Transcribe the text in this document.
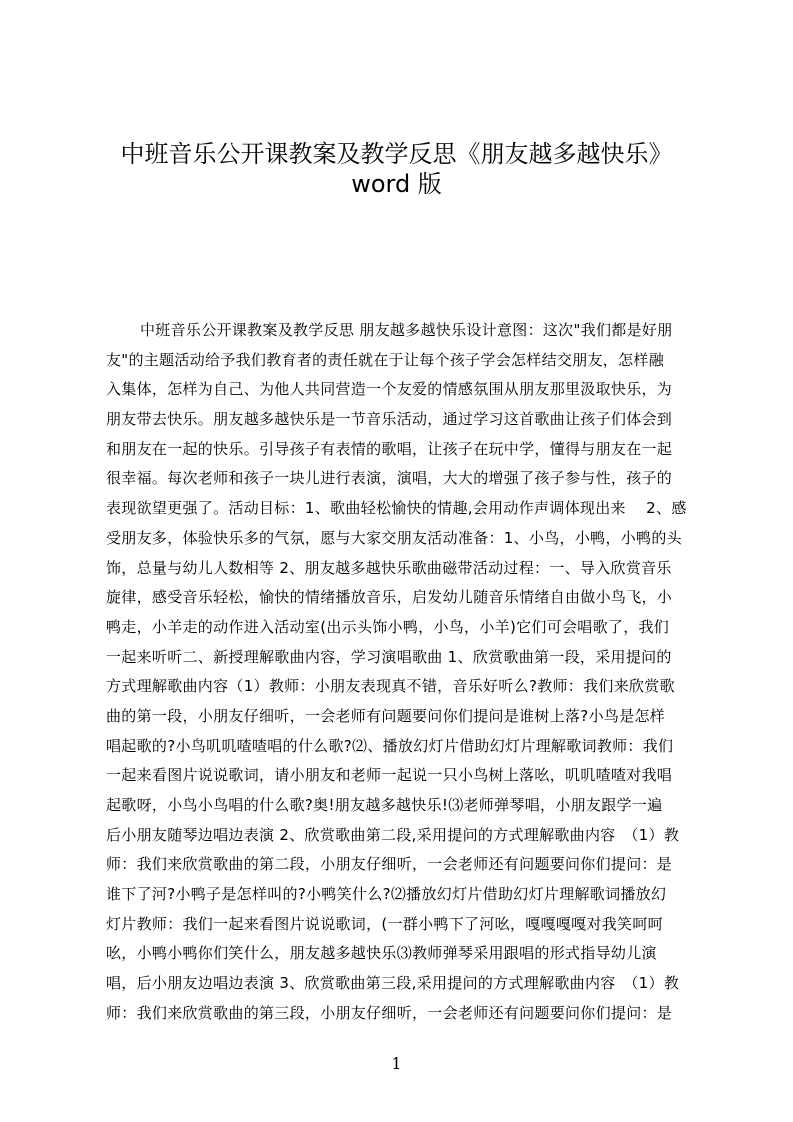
中班音乐公开课教案及教学反思《朋友越多越快乐》
word 版
中班音乐公开课教案及教学反思 朋友越多越快乐设计意图：这次"我们都是好朋
友"的主题活动给予我们教育者的责任就在于让每个孩子学会怎样结交朋友，怎样融
入集体，怎样为自己、为他人共同营造一个友爱的情感氛围从朋友那里汲取快乐，为
朋友带去快乐。朋友越多越快乐是一节音乐活动，通过学习这首歌曲让孩子们体会到
和朋友在一起的快乐。引导孩子有表情的歌唱，让孩子在玩中学，懂得与朋友在一起
很幸福。每次老师和孩子一块儿进行表演，演唱，大大的增强了孩子参与性，孩子的
表现欲望更强了。活动目标：1、歌曲轻松愉快的情趣,会用动作声调体现出来　 2、感
受朋友多，体验快乐多的气氛，愿与大家交朋友活动准备：1、小鸟，小鸭，小鸭的头
饰，总量与幼儿人数相等 2、朋友越多越快乐歌曲磁带活动过程：一、导入欣赏音乐
旋律，感受音乐轻松，愉快的情绪播放音乐，启发幼儿随音乐情绪自由做小鸟飞，小
鸭走，小羊走的动作进入活动室(出示头饰小鸭，小鸟，小羊)它们可会唱歌了，我们
一起来听听二、新授理解歌曲内容，学习演唱歌曲 1、欣赏歌曲第一段，采用提问的
方式理解歌曲内容（1）教师：小朋友表现真不错，音乐好听么?教师：我们来欣赏歌
曲的第一段，小朋友仔细听，一会老师有问题要问你们提问是谁树上落?小鸟是怎样
唱起歌的?小鸟叽叽喳喳唱的什么歌?⑵、播放幻灯片借助幻灯片理解歌词教师：我们
一起来看图片说说歌词，请小朋友和老师一起说一只小鸟树上落吆，叽叽喳喳对我唱
起歌呀，小鸟小鸟唱的什么歌?奥!朋友越多越快乐!⑶老师弹琴唱，小朋友跟学一遍
后小朋友随琴边唱边表演 2、欣赏歌曲第二段,采用提问的方式理解歌曲内容　（1）教
师：我们来欣赏歌曲的第二段，小朋友仔细听，一会老师还有问题要问你们提问：是
谁下了河?小鸭子是怎样叫的?小鸭笑什么?⑵播放幻灯片借助幻灯片理解歌词播放幻
灯片教师：我们一起来看图片说说歌词，(一群小鸭下了河吆，嘎嘎嘎嘎对我笑呵呵
吆，小鸭小鸭你们笑什么，朋友越多越快乐⑶教师弹琴采用跟唱的形式指导幼儿演
唱，后小朋友边唱边表演 3、欣赏歌曲第三段,采用提问的方式理解歌曲内容　（1）教
师：我们来欣赏歌曲的第三段，小朋友仔细听，一会老师还有问题要问你们提问：是
1
